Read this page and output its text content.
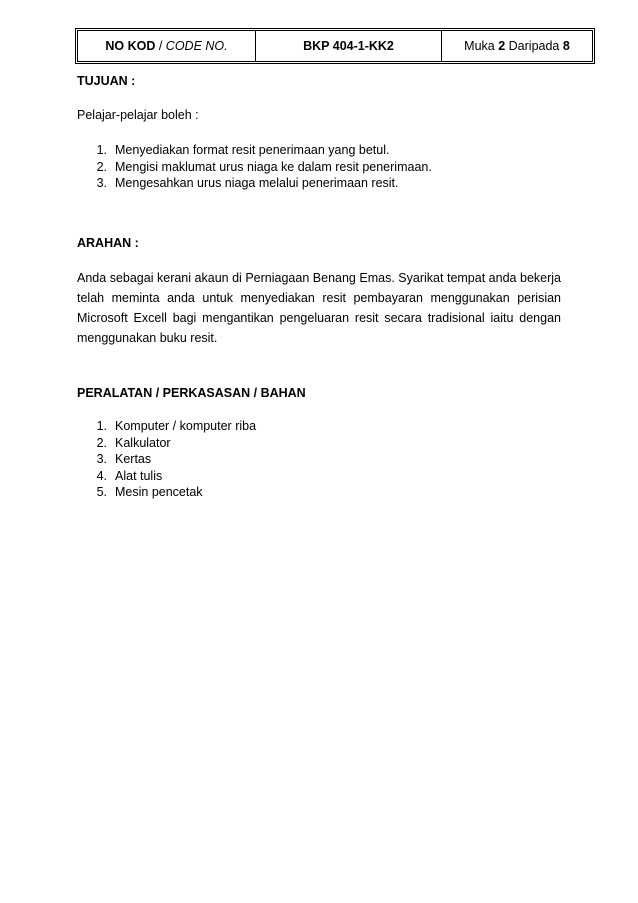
NO KOD / CODE NO.	BKP 404-1-KK2	Muka 2 Daripada 8
TUJUAN :
Pelajar-pelajar boleh :
1. Menyediakan format resit penerimaan yang betul.
2. Mengisi maklumat urus niaga ke dalam resit penerimaan.
3. Mengesahkan urus niaga melalui penerimaan resit.
ARAHAN :

Anda sebagai kerani akaun di Perniagaan Benang Emas. Syarikat tempat anda bekerja telah meminta anda untuk menyediakan resit pembayaran menggunakan perisian Microsoft Excell bagi mengantikan pengeluaran resit secara tradisional iaitu dengan menggunakan buku resit.

PERALATAN / PERKASASAN / BAHAN
1. Komputer / komputer riba
2. Kalkulator
3. Kertas
4. Alat tulis
5. Mesin pencetak
